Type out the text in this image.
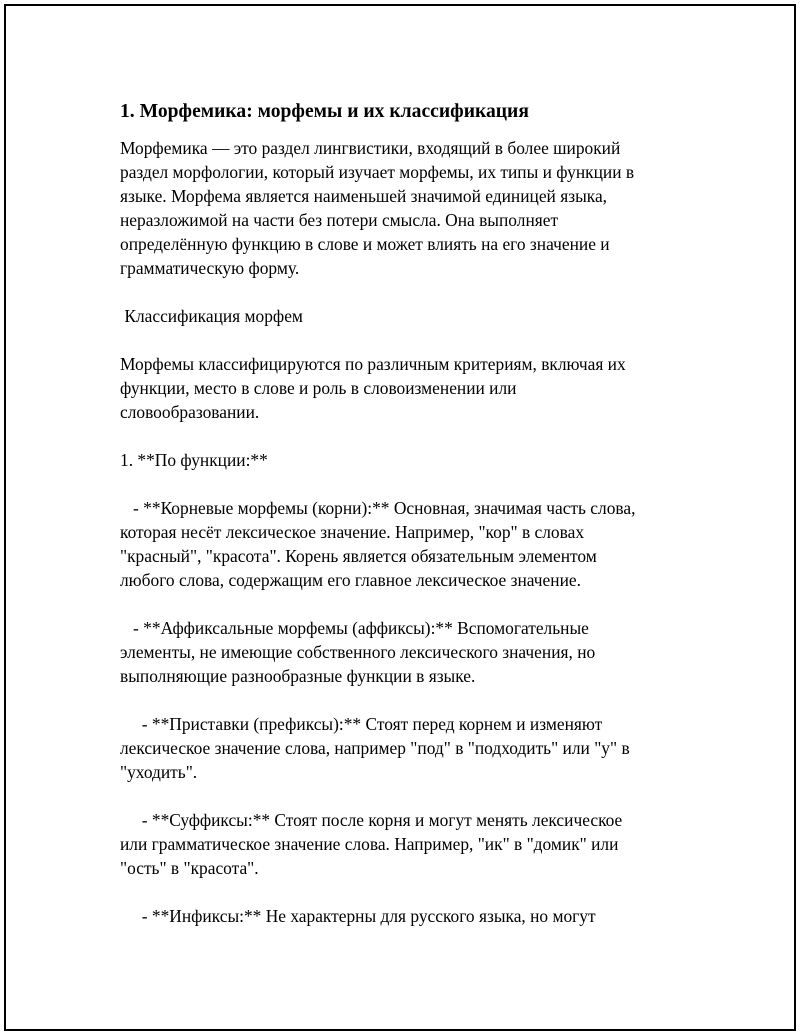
1. Морфемика: морфемы и их классификация
Морфемика — это раздел лингвистики, входящий в более широкий
раздел морфологии, который изучает морфемы, их типы и функции в
языке. Морфема является наименьшей значимой единицей языка,
неразложимой на части без потери смысла. Она выполняет
определённую функцию в слове и может влиять на его значение и
грамматическую форму.
Классификация морфем
Морфемы классифицируются по различным критериям, включая их
функции, место в слове и роль в словоизменении или
словообразовании.
1. **По функции:**
- **Корневые морфемы (корни):** Основная, значимая часть слова,
которая несёт лексическое значение. Например, "кор" в словах
"красный", "красота". Корень является обязательным элементом
любого слова, содержащим его главное лексическое значение.
- **Аффиксальные морфемы (аффиксы):** Вспомогательные
элементы, не имеющие собственного лексического значения, но
выполняющие разнообразные функции в языке.
- **Приставки (префиксы):** Стоят перед корнем и изменяют
лексическое значение слова, например "под" в "подходить" или "у" в
"уходить".
- **Суффиксы:** Стоят после корня и могут менять лексическое
или грамматическое значение слова. Например, "ик" в "домик" или
"ость" в "красота".
- **Инфиксы:** Не характерны для русского языка, но могут
